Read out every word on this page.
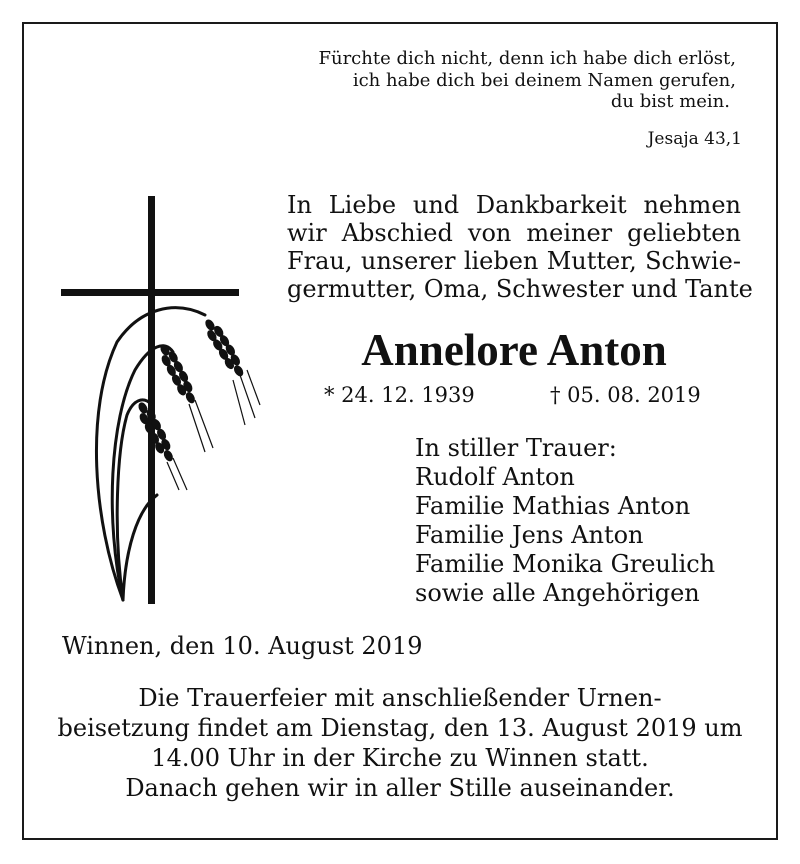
Fürchte dich nicht, denn ich habe dich erlöst,
ich habe dich bei deinem Namen gerufen,
du bist mein.
Jesaja 43,1
In Liebe und Dankbarkeit nehmen
wir Abschied von meiner geliebten
Frau, unserer lieben Mutter, Schwie-
germutter, Oma, Schwester und Tante
Annelore Anton
* 24. 12. 1939	† 05. 08. 2019
In stiller Trauer:
Rudolf Anton
Familie Mathias Anton
Familie Jens Anton
Familie Monika Greulich
sowie alle Angehörigen
Winnen, den 10. August 2019
Die Trauerfeier mit anschließender Urnen-
beisetzung findet am Dienstag, den 13. August 2019 um
14.00 Uhr in der Kirche zu Winnen statt.
Danach gehen wir in aller Stille auseinander.
